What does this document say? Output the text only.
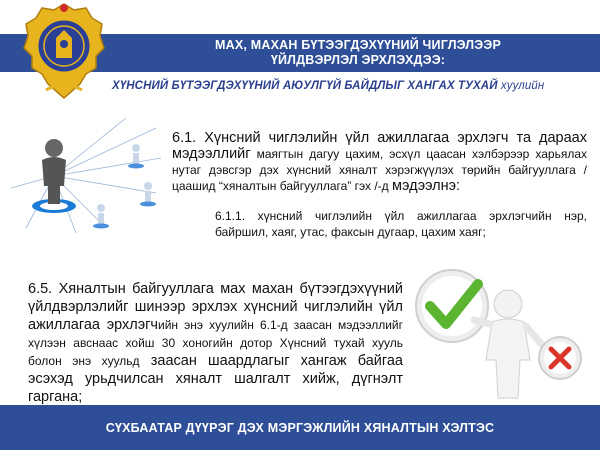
МАХ, МАХАН БҮТЭЭГДЭХҮҮНИЙ ЧИГЛЭЛЭЭР
ҮЙЛДВЭРЛЭЛ ЭРХЛЭХДЭЭ:
ХҮНСНИЙ БҮТЭЭГДЭХҮҮНИЙ АЮУЛГҮЙ БАЙДЛЫГ ХАНГАХ ТУХАЙ хуулийн
6.1. Хүнсний чиглэлийн үйл ажиллагаа эрхлэгч та дараах мэдээллийг маягтын дагуу цахим, эсхүл цаасан хэлбэрээр харьялах нутаг дэвсгэр дэх хүнсний хяналт хэрэгжүүлэх төрийн байгууллага /цаашид “хяналтын байгууллага” гэх /-д мэдээлнэ:
6.1.1. хүнсний чиглэлийн үйл ажиллагаа эрхлэгчийн нэр, байршил, хаяг, утас, факсын дугаар, цахим хаяг;
6.5. Хяналтын байгууллага мах махан бүтээгдэхүүний үйлдвэрлэлийг шинээр эрхлэх хүнсний чиглэлийн үйл ажиллагаа эрхлэгчийн энэ хуулийн 6.1-д заасан мэдээллийг хүлээн авснаас хойш 30 хоногийн дотор Хүнсний тухай хууль болон энэ хуульд заасан шаардлагыг хангаж байгаа эсэхэд урьдчилсан хяналт шалгалт хийж, дүгнэлт гаргана;
СҮХБААТАР ДҮҮРЭГ ДЭХ МЭРГЭЖЛИЙН ХЯНАЛТЫН ХЭЛТЭС
